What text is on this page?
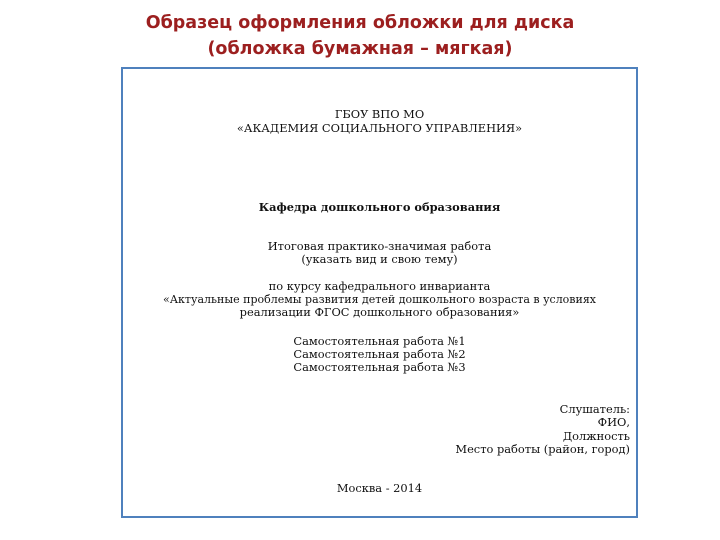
Образец оформления обложки для диска
(обложка бумажная – мягкая)
ГБОУ ВПО МО
«АКАДЕМИЯ СОЦИАЛЬНОГО УПРАВЛЕНИЯ»
Кафедра дошкольного образования
Итоговая практико-значимая работа
(указать вид и свою тему)
по курсу кафедрального инварианта
«Актуальные проблемы развития детей дошкольного возраста в условиях
реализации ФГОС дошкольного образования»
Самостоятельная работа №1
Самостоятельная работа №2
Самостоятельная работа №3
Слушатель:
ФИО,
Должность
Место работы (район, город)
Москва - 2014
